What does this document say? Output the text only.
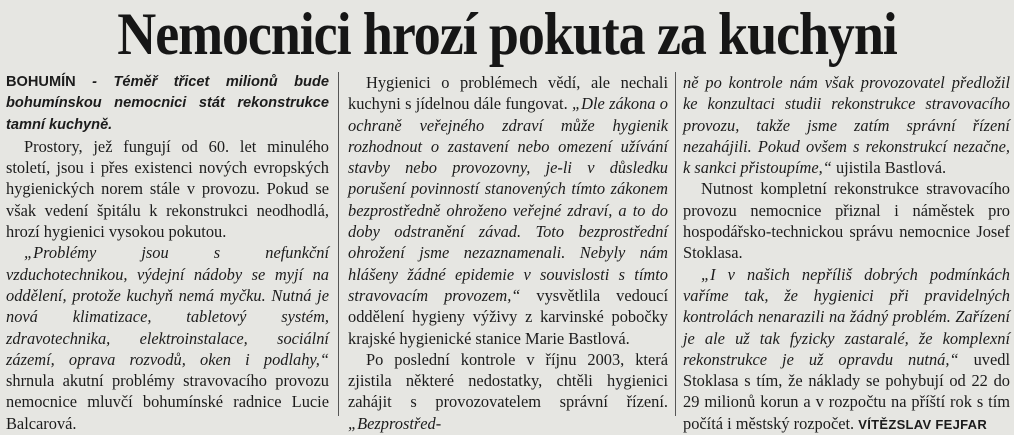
Nemocnici hrozí pokuta za kuchyni

BOHUMÍN - Téměř třicet milionů bude bohumínskou nemocnici stát rekonstrukce tamní kuchyně.

Prostory, jež fungují od 60. let minulého století, jsou i přes existenci nových evropských hygienických norem stále v provozu. Pokud se však vedení špitálu k rekonstrukci neodhodlá, hrozí hygienici vysokou pokutou.

„Problémy jsou s nefunkční vzduchotechnikou, výdejní nádoby se myjí na oddělení, protože kuchyň nemá myčku. Nutná je nová klimatizace, tabletový systém, zdravotechnika, elektroinstalace, sociální zázemí, oprava rozvodů, oken i podlahy,“ shrnula akutní problémy stravovacího provozu nemocnice mluvčí bohumínské radnice Lucie Balcarová.

Hygienici o problémech vědí, ale nechali kuchyni s jídelnou dále fungovat. „Dle zákona o ochraně veřejného zdraví může hygienik rozhodnout o zastavení nebo omezení užívání stavby nebo provozovny, je-li v důsledku porušení povinností stanovených tímto zákonem bezprostředně ohroženo veřejné zdraví, a to do doby odstranění závad. Toto bezprostřední ohrožení jsme nezaznamenali. Nebyly nám hlášeny žádné epidemie v souvislosti s tímto stravovacím provozem,“ vysvětlila vedoucí oddělení hygieny výživy z karvinské pobočky krajské hygienické stanice Marie Bastlová.

Po poslední kontrole v říjnu 2003, která zjistila některé nedostatky, chtěli hygienici zahájit s provozovatelem správní řízení. „Bezprostřed-

ně po kontrole nám však provozovatel předložil ke konzultaci studii rekonstrukce stravovacího provozu, takže jsme zatím správní řízení nezahájili. Pokud ovšem s rekonstrukcí nezačne, k sankci přistoupíme,“ ujistila Bastlová.

Nutnost kompletní rekonstrukce stravovacího provozu nemocnice přiznal i náměstek pro hospodářsko-technickou správu nemocnice Josef Stoklasa.

„I v našich nepříliš dobrých podmínkách vaříme tak, že hygienici při pravidelných kontrolách nenarazili na žádný problém. Zařízení je ale už tak fyzicky zastaralé, že komplexní rekonstrukce je už opravdu nutná,“ uvedl Stoklasa s tím, že náklady se pohybují od 22 do 29 milionů korun a v rozpočtu na příští rok s tím počítá i městský rozpočet. VÍTĚZSLAV FEJFAR
